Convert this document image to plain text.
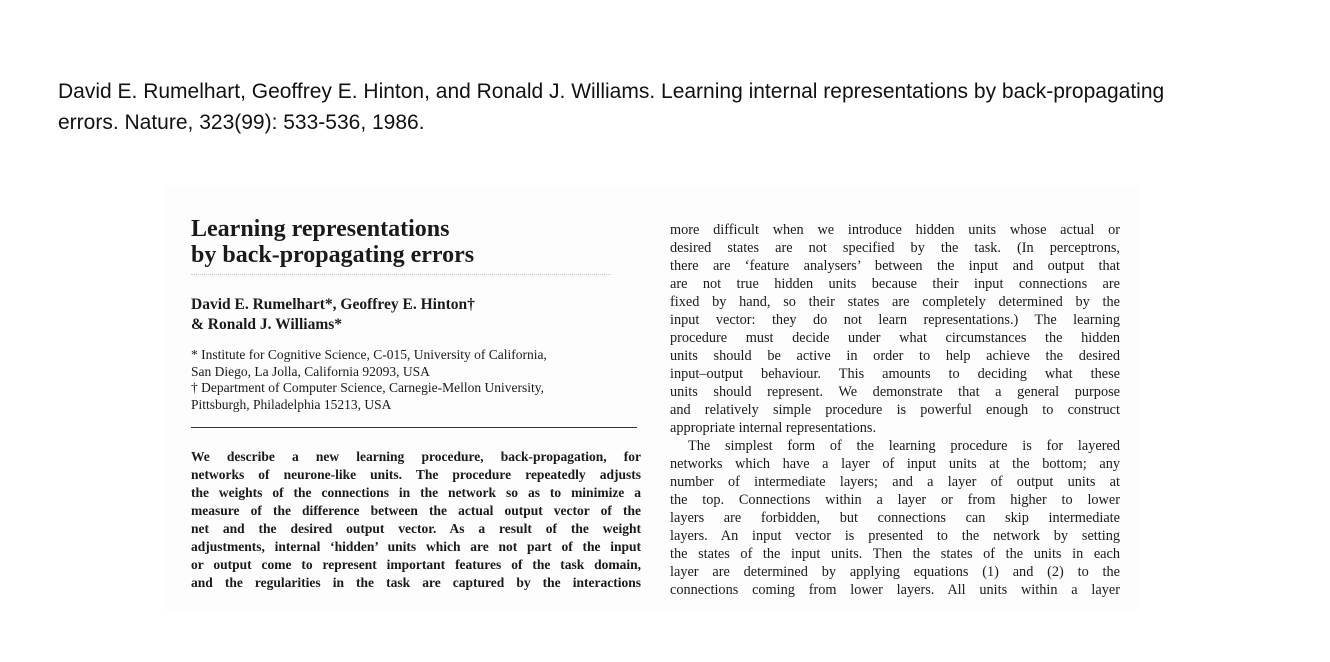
David E. Rumelhart, Geoffrey E. Hinton, and Ronald J. Williams. Learning internal representations by back-propagating
errors. Nature, 323(99): 533-536, 1986.
Learning representations
by back-propagating errors
David E. Rumelhart*, Geoffrey E. Hinton†
& Ronald J. Williams*
* Institute for Cognitive Science, C-015, University of California,
San Diego, La Jolla, California 92093, USA
† Department of Computer Science, Carnegie-Mellon University,
Pittsburgh, Philadelphia 15213, USA
We describe a new learning procedure, back-propagation, for
networks of neurone-like units. The procedure repeatedly adjusts
the weights of the connections in the network so as to minimize a
measure of the difference between the actual output vector of the
net and the desired output vector. As a result of the weight
adjustments, internal ‘hidden’ units which are not part of the input
or output come to represent important features of the task domain,
and the regularities in the task are captured by the interactions
more difficult when we introduce hidden units whose actual or
desired states are not specified by the task. (In perceptrons,
there are ‘feature analysers’ between the input and output that
are not true hidden units because their input connections are
fixed by hand, so their states are completely determined by the
input vector: they do not learn representations.) The learning
procedure must decide under what circumstances the hidden
units should be active in order to help achieve the desired
input–output behaviour. This amounts to deciding what these
units should represent. We demonstrate that a general purpose
and relatively simple procedure is powerful enough to construct
appropriate internal representations.
The simplest form of the learning procedure is for layered
networks which have a layer of input units at the bottom; any
number of intermediate layers; and a layer of output units at
the top. Connections within a layer or from higher to lower
layers are forbidden, but connections can skip intermediate
layers. An input vector is presented to the network by setting
the states of the input units. Then the states of the units in each
layer are determined by applying equations (1) and (2) to the
connections coming from lower layers. All units within a layer
